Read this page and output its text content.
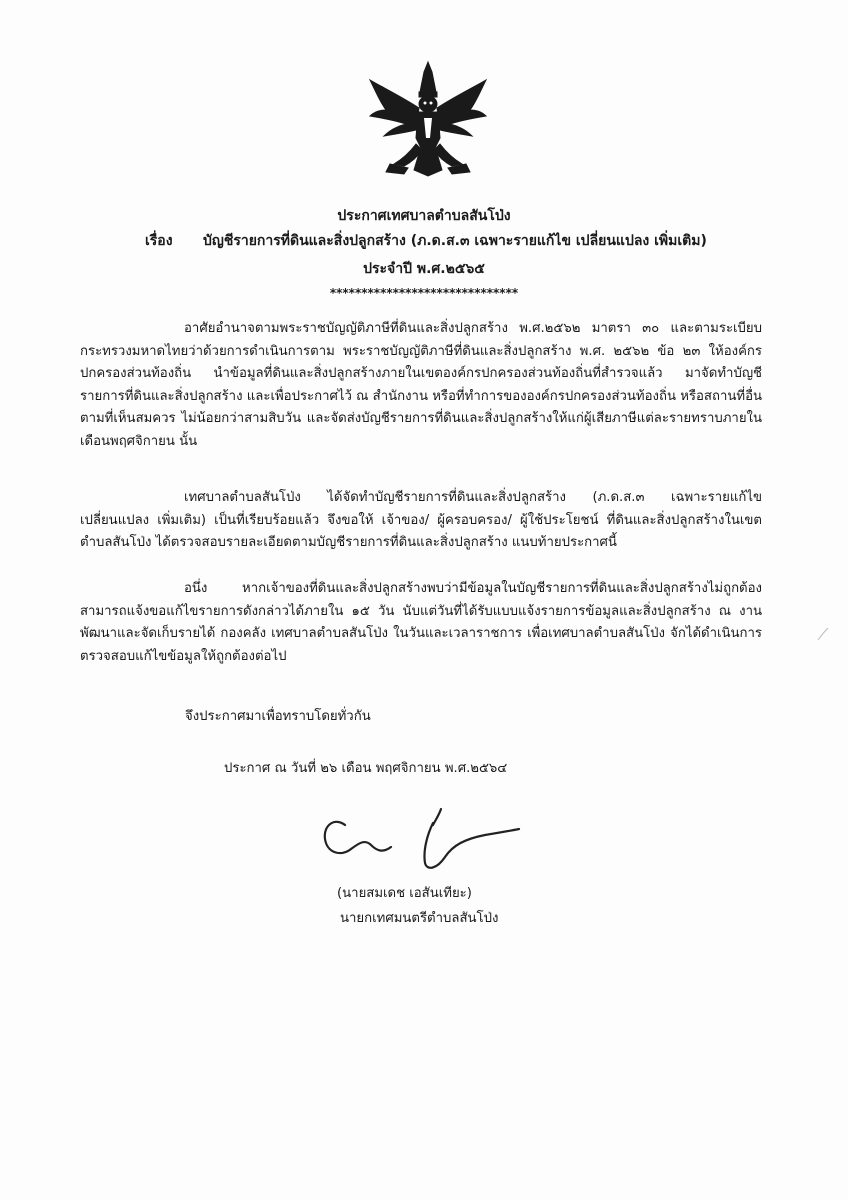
ประกาศเทศบาลตำบลสันโป่ง
เรื่อง บัญชีรายการที่ดินและสิ่งปลูกสร้าง (ภ.ด.ส.๓ เฉพาะรายแก้ไข เปลี่ยนแปลง เพิ่มเติม)
ประจำปี พ.ศ.๒๕๖๕
******************************
อาศัยอำนาจตามพระราชบัญญัติภาษีที่ดินและสิ่งปลูกสร้าง พ.ศ.๒๕๖๒ มาตรา ๓๐ และตามระเบียบกระทรวงมหาดไทยว่าด้วยการดำเนินการตาม พระราชบัญญัติภาษีที่ดินและสิ่งปลูกสร้าง พ.ศ. ๒๕๖๒ ข้อ ๒๓ ให้องค์กรปกครองส่วนท้องถิ่น นำข้อมูลที่ดินและสิ่งปลูกสร้างภายในเขตองค์กรปกครองส่วนท้องถิ่นที่สำรวจแล้ว มาจัดทำบัญชีรายการที่ดินและสิ่งปลูกสร้าง และเพื่อประกาศไว้ ณ สำนักงาน หรือที่ทำการขององค์กรปกครองส่วนท้องถิ่น หรือสถานที่อื่นตามที่เห็นสมควร ไม่น้อยกว่าสามสิบวัน และจัดส่งบัญชีรายการที่ดินและสิ่งปลูกสร้างให้แก่ผู้เสียภาษีแต่ละรายทราบภายในเดือนพฤศจิกายน นั้น
เทศบาลตำบลสันโป่ง ได้จัดทำบัญชีรายการที่ดินและสิ่งปลูกสร้าง (ภ.ด.ส.๓ เฉพาะรายแก้ไข เปลี่ยนแปลง เพิ่มเติม) เป็นที่เรียบร้อยแล้ว จึงขอให้ เจ้าของ/ ผู้ครอบครอง/ ผู้ใช้ประโยชน์ ที่ดินและสิ่งปลูกสร้างในเขตตำบลสันโป่ง ได้ตรวจสอบรายละเอียดตามบัญชีรายการที่ดินและสิ่งปลูกสร้าง แนบท้ายประกาศนี้
อนึ่ง หากเจ้าของที่ดินและสิ่งปลูกสร้างพบว่ามีข้อมูลในบัญชีรายการที่ดินและสิ่งปลูกสร้างไม่ถูกต้อง สามารถแจ้งขอแก้ไขรายการดังกล่าวได้ภายใน ๑๕ วัน นับแต่วันที่ได้รับแบบแจ้งรายการข้อมูลและสิ่งปลูกสร้าง ณ งานพัฒนาและจัดเก็บรายได้ กองคลัง เทศบาลตำบลสันโป่ง ในวันและเวลาราชการ เพื่อเทศบาลตำบลสันโป่ง จักได้ดำเนินการตรวจสอบแก้ไขข้อมูลให้ถูกต้องต่อไป
จึงประกาศมาเพื่อทราบโดยทั่วกัน
ประกาศ ณ วันที่ ๒๖ เดือน พฤศจิกายน พ.ศ.๒๕๖๔
(นายสมเดช เอสันเทียะ)
นายกเทศมนตรีตำบลสันโป่ง
